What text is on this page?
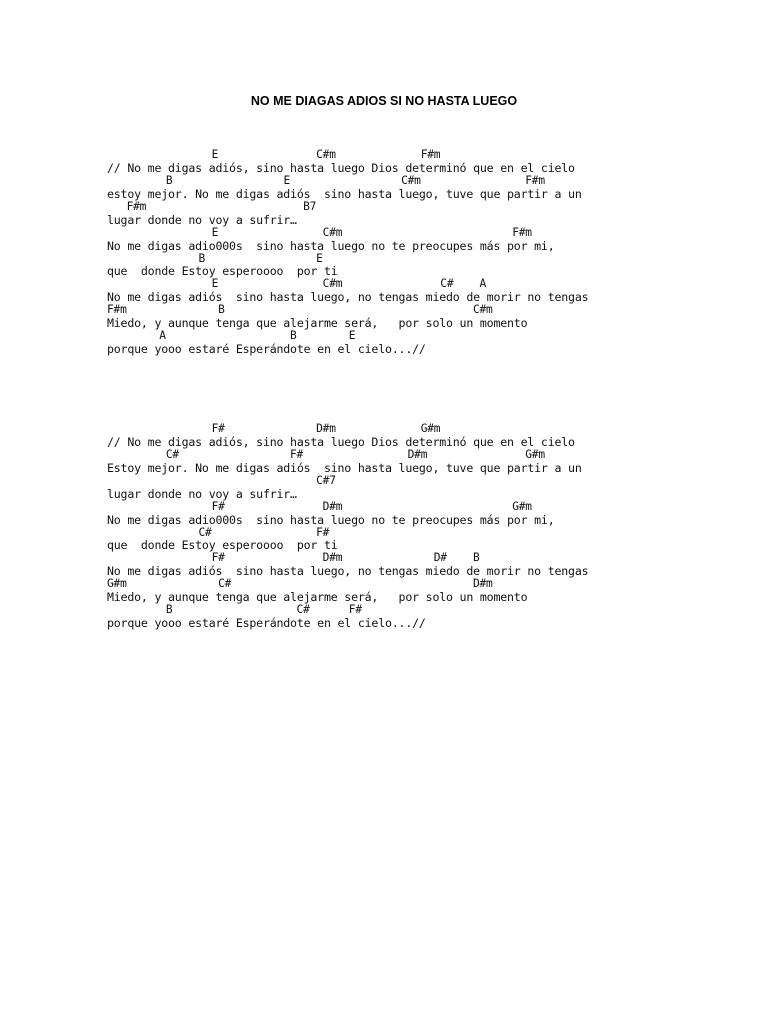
NO ME DIAGAS ADIOS SI NO HASTA LUEGO
E               C#m             F#m
// No me digas adiós, sino hasta luego Dios determinó que en el cielo
B                 E                 C#m                F#m
estoy mejor. No me digas adiós  sino hasta luego, tuve que partir a un
F#m                        B7
lugar donde no voy a sufrir…
E                C#m                          F#m
No me digas adio000s  sino hasta luego no te preocupes más por mi,
B                 E
que  donde Estoy esperoooo  por ti
E                C#m               C#    A
No me digas adiós  sino hasta luego, no tengas miedo de morir no tengas
F#m              B                                      C#m
Miedo, y aunque tenga que alejarme será,   por solo un momento
A                   B        E
porque yooo estaré Esperándote en el cielo...//
F#              D#m             G#m
// No me digas adiós, sino hasta luego Dios determinó que en el cielo
C#                 F#                D#m               G#m
Estoy mejor. No me digas adiós  sino hasta luego, tuve que partir a un
C#7
lugar donde no voy a sufrir…
F#               D#m                          G#m
No me digas adio000s  sino hasta luego no te preocupes más por mi,
C#                F#
que  donde Estoy esperoooo  por ti
F#               D#m              D#    B
No me digas adiós  sino hasta luego, no tengas miedo de morir no tengas
G#m              C#                                     D#m
Miedo, y aunque tenga que alejarme será,   por solo un momento
B                   C#      F#
porque yooo estaré Esperándote en el cielo...//
